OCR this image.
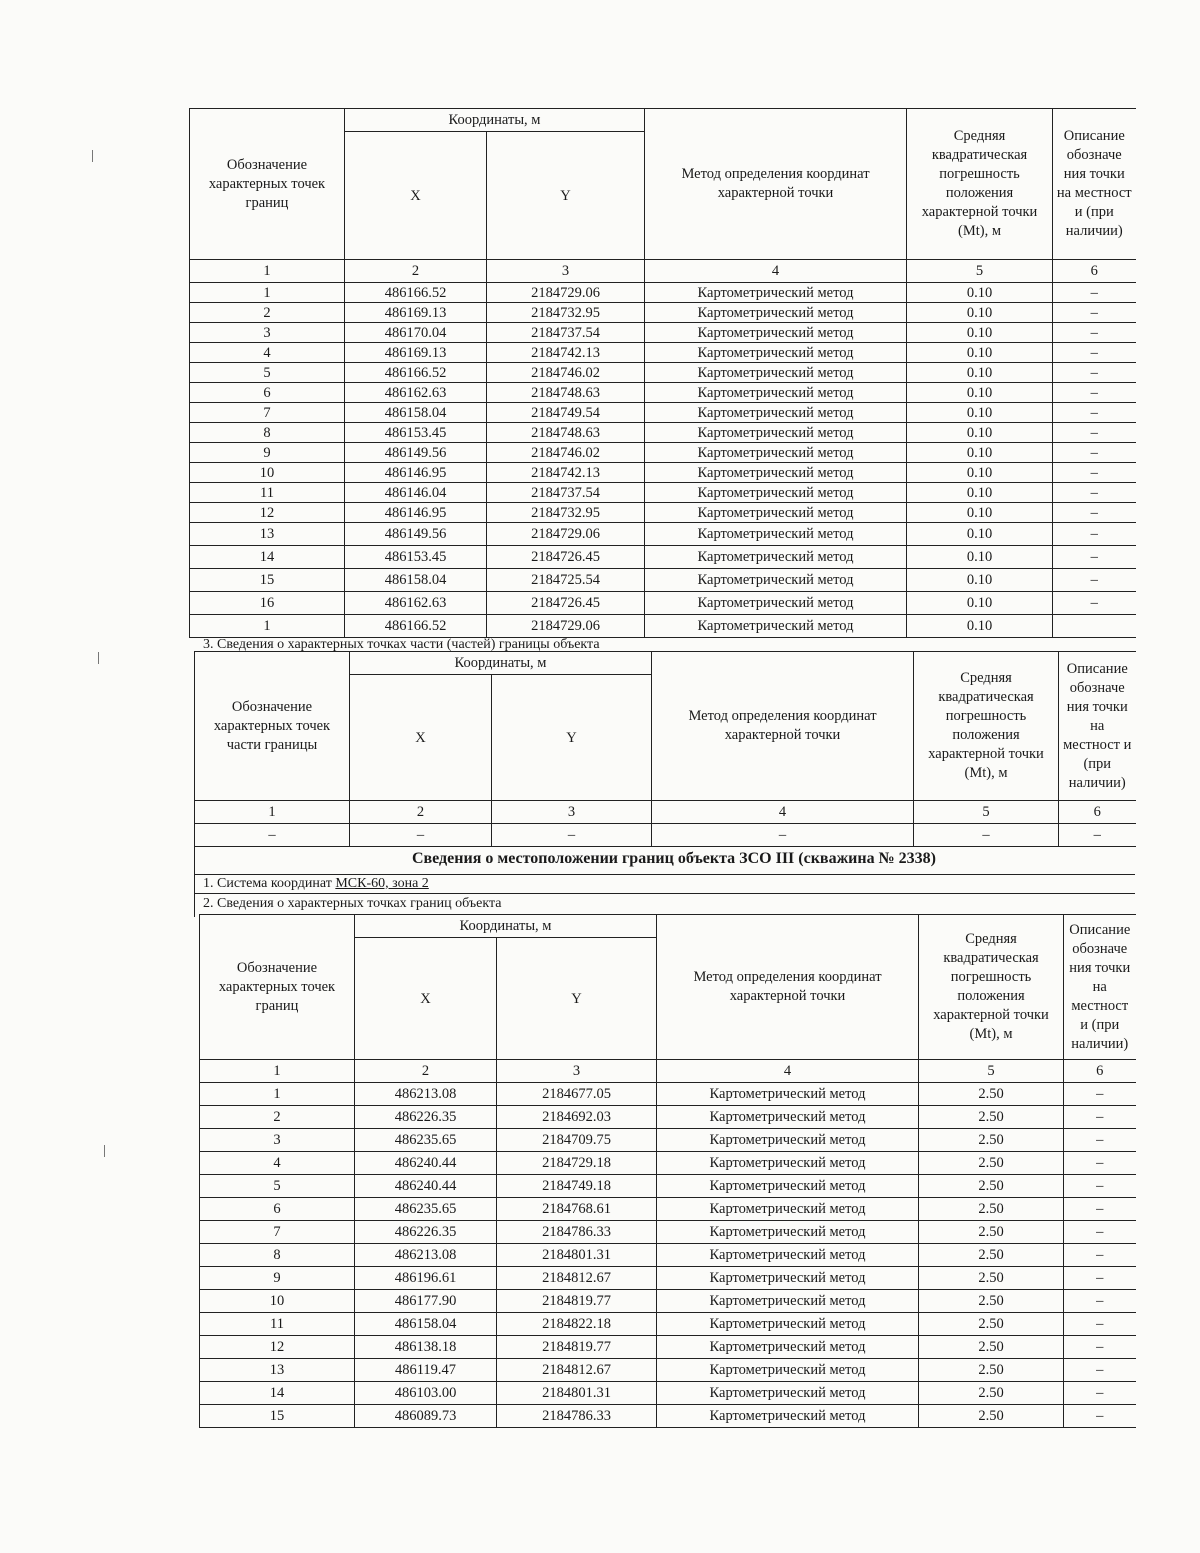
Обозначение характерных точек границ	Координаты, м		Метод определения координат характерной точки	Средняя квадратическая погрешность положения характерной точки (Mt), м	Описание обозначе ния точки на местност и (при наличии)
	X	Y			
1	2	3	4	5	6
1	486166.52	2184729.06	Картометрический метод	0.10	–
2	486169.13	2184732.95	Картометрический метод	0.10	–
3	486170.04	2184737.54	Картометрический метод	0.10	–
4	486169.13	2184742.13	Картометрический метод	0.10	–
5	486166.52	2184746.02	Картометрический метод	0.10	–
6	486162.63	2184748.63	Картометрический метод	0.10	–
7	486158.04	2184749.54	Картометрический метод	0.10	–
8	486153.45	2184748.63	Картометрический метод	0.10	–
9	486149.56	2184746.02	Картометрический метод	0.10	–
10	486146.95	2184742.13	Картометрический метод	0.10	–
11	486146.04	2184737.54	Картометрический метод	0.10	–
12	486146.95	2184732.95	Картометрический метод	0.10	–
13	486149.56	2184729.06	Картометрический метод	0.10	–
14	486153.45	2184726.45	Картометрический метод	0.10	–
15	486158.04	2184725.54	Картометрический метод	0.10	–
16	486162.63	2184726.45	Картометрический метод	0.10	–
1	486166.52	2184729.06	Картометрический метод	0.10	
3. Сведения о характерных точках части (частей) границы объекта
Обозначение характерных точек части границы	Координаты, м		Метод определения координат характерной точки	Средняя квадратическая погрешность положения характерной точки (Mt), м	Описание обозначе ния точки на местност и (при наличии)
	X	Y			
1	2	3	4	5	6
–	–	–	–	–	–
Сведения о местоположении границ объекта ЗСО III (скважина № 2338)
1. Система координат МСК-60, зона 2
2. Сведения о характерных точках границ объекта
Обозначение характерных точек границ	Координаты, м		Метод определения координат характерной точки	Средняя квадратическая погрешность положения характерной точки (Mt), м	Описание обозначе ния точки на местност и (при наличии)
	X	Y			
1	2	3	4	5	6
1	486213.08	2184677.05	Картометрический метод	2.50	–
2	486226.35	2184692.03	Картометрический метод	2.50	–
3	486235.65	2184709.75	Картометрический метод	2.50	–
4	486240.44	2184729.18	Картометрический метод	2.50	–
5	486240.44	2184749.18	Картометрический метод	2.50	–
6	486235.65	2184768.61	Картометрический метод	2.50	–
7	486226.35	2184786.33	Картометрический метод	2.50	–
8	486213.08	2184801.31	Картометрический метод	2.50	–
9	486196.61	2184812.67	Картометрический метод	2.50	–
10	486177.90	2184819.77	Картометрический метод	2.50	–
11	486158.04	2184822.18	Картометрический метод	2.50	–
12	486138.18	2184819.77	Картометрический метод	2.50	–
13	486119.47	2184812.67	Картометрический метод	2.50	–
14	486103.00	2184801.31	Картометрический метод	2.50	–
15	486089.73	2184786.33	Картометрический метод	2.50	–
